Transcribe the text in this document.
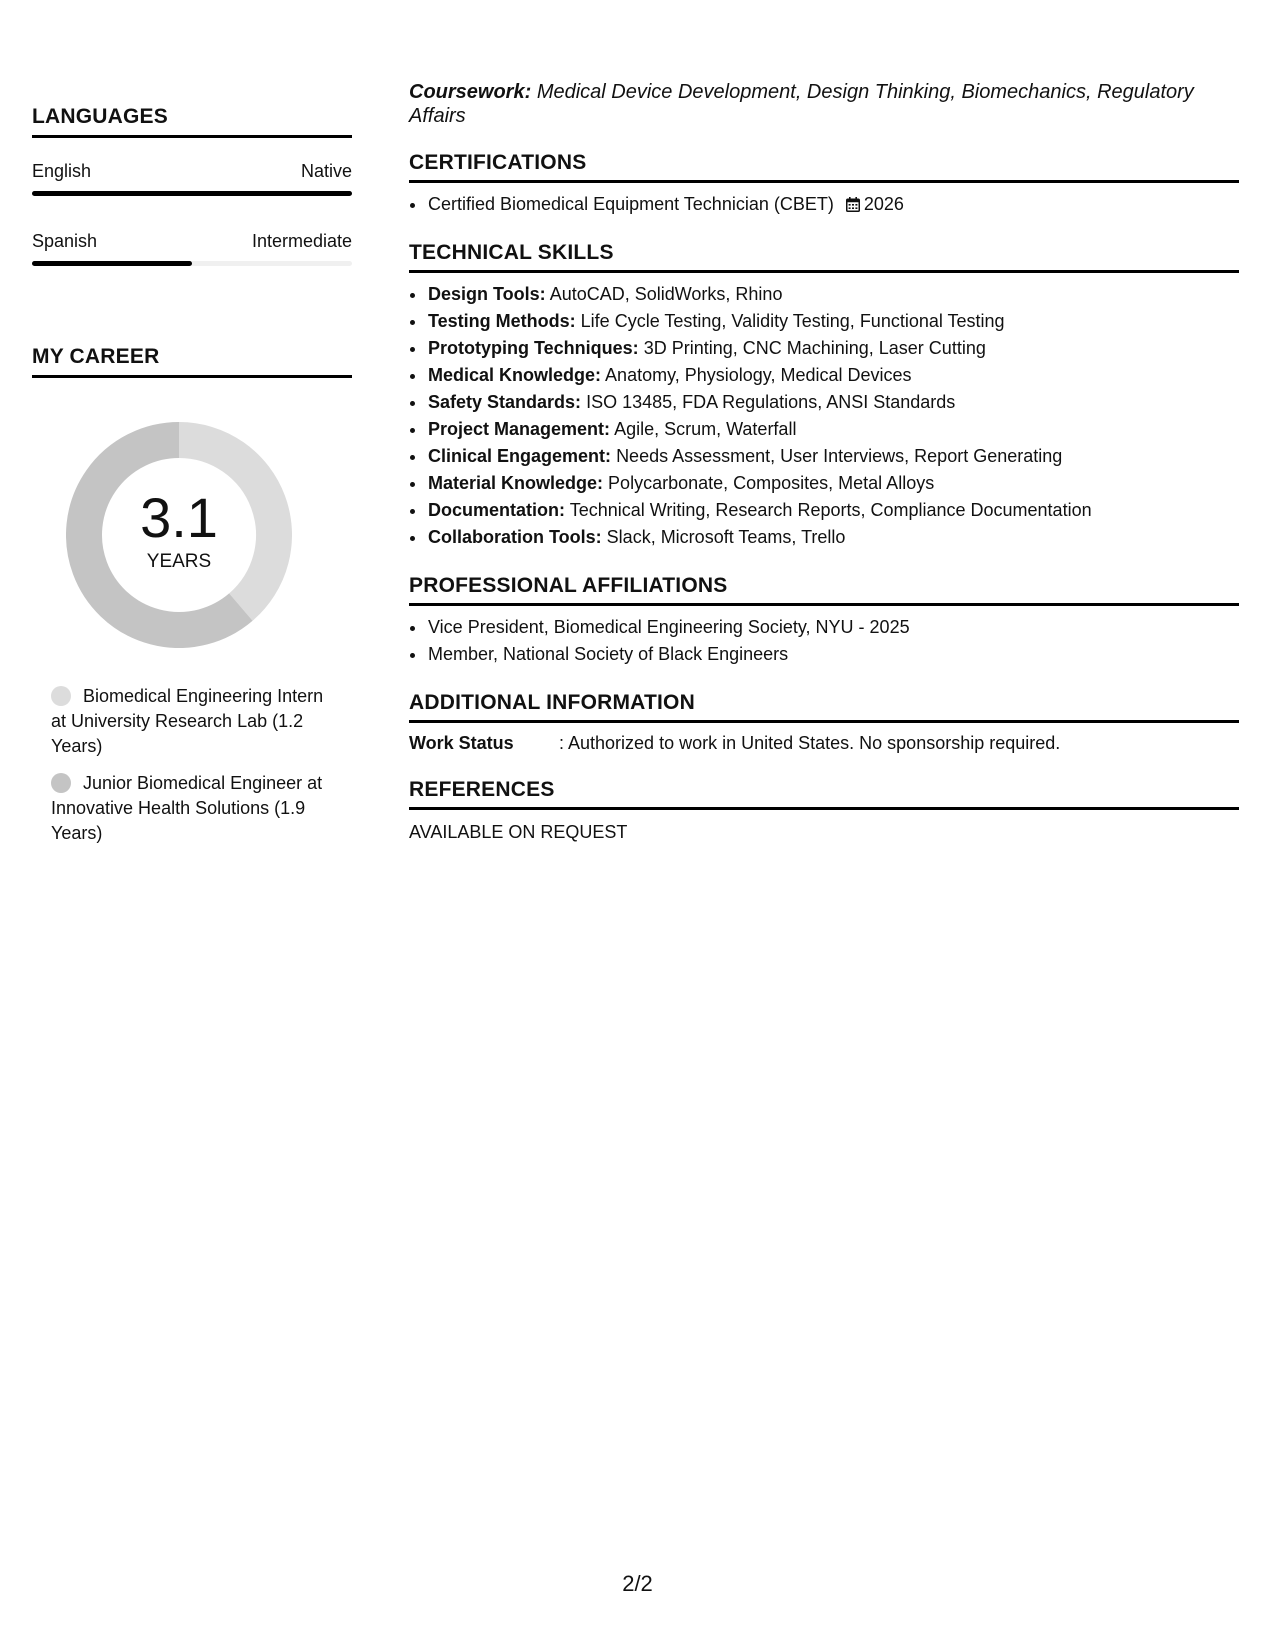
LANGUAGES
English	Native
Spanish	Intermediate
MY CAREER
3.1
YEARS
Biomedical Engineering Intern at University Research Lab (1.2 Years)
Junior Biomedical Engineer at Innovative Health Solutions (1.9 Years)

Coursework: Medical Device Development, Design Thinking, Biomechanics, Regulatory Affairs

CERTIFICATIONS
• Certified Biomedical Equipment Technician (CBET) 2026
TECHNICAL SKILLS
• Design Tools: AutoCAD, SolidWorks, Rhino
• Testing Methods: Life Cycle Testing, Validity Testing, Functional Testing
• Prototyping Techniques: 3D Printing, CNC Machining, Laser Cutting
• Medical Knowledge: Anatomy, Physiology, Medical Devices
• Safety Standards: ISO 13485, FDA Regulations, ANSI Standards
• Project Management: Agile, Scrum, Waterfall
• Clinical Engagement: Needs Assessment, User Interviews, Report Generating
• Material Knowledge: Polycarbonate, Composites, Metal Alloys
• Documentation: Technical Writing, Research Reports, Compliance Documentation
• Collaboration Tools: Slack, Microsoft Teams, Trello
PROFESSIONAL AFFILIATIONS
• Vice President, Biomedical Engineering Society, NYU - 2025
• Member, National Society of Black Engineers
ADDITIONAL INFORMATION
Work Status	: Authorized to work in United States. No sponsorship required.
REFERENCES
AVAILABLE ON REQUEST
2/2
